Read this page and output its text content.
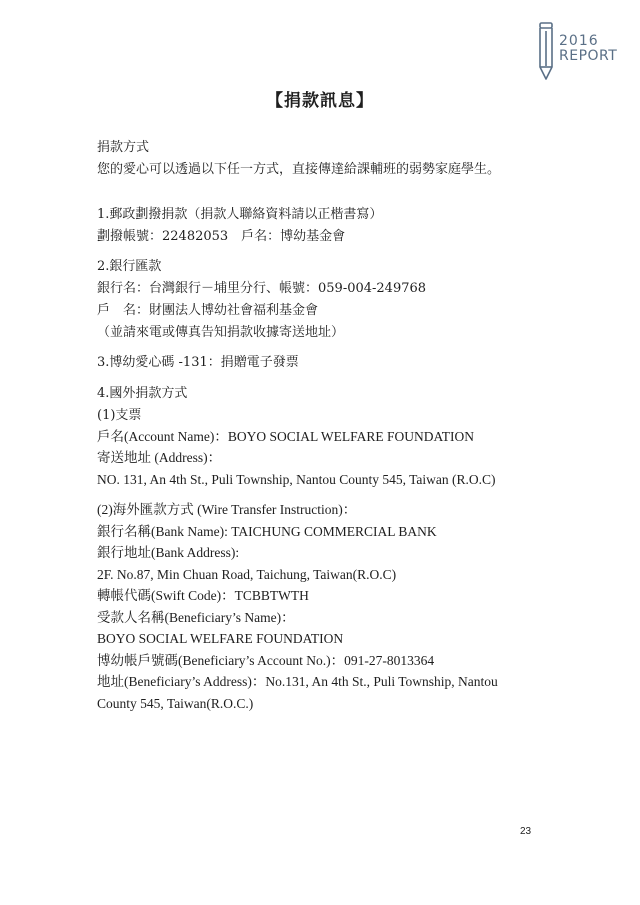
2016
REPORT
【捐款訊息】
捐款方式
您的愛心可以透過以下任一方式，直接傳達給課輔班的弱勢家庭學生。
1.郵政劃撥捐款（捐款人聯絡資料請以正楷書寫）
劃撥帳號：22482053　戶名：博幼基金會
2.銀行匯款
銀行名：台灣銀行－埔里分行、帳號：059-004-249768
戶　名：財團法人博幼社會福利基金會
（並請來電或傳真告知捐款收據寄送地址）
3.博幼愛心碼 -131：捐贈電子發票
4.國外捐款方式
(1)支票
戶名(Account Name)：BOYO SOCIAL WELFARE FOUNDATION
寄送地址 (Address)：
NO. 131, An 4th St., Puli Township, Nantou County 545, Taiwan (R.O.C)
(2)海外匯款方式 (Wire Transfer Instruction)：
銀行名稱(Bank Name): TAICHUNG COMMERCIAL BANK
銀行地址(Bank Address):
2F. No.87, Min Chuan Road, Taichung, Taiwan(R.O.C)
轉帳代碼(Swift Code)：TCBBTWTH
受款人名稱(Beneficiary’s Name)：
BOYO SOCIAL WELFARE FOUNDATION
博幼帳戶號碼(Beneficiary’s Account No.)：091-27-8013364
地址(Beneficiary’s Address)：No.131, An 4th St., Puli Township, Nantou
County 545, Taiwan(R.O.C.)
23
